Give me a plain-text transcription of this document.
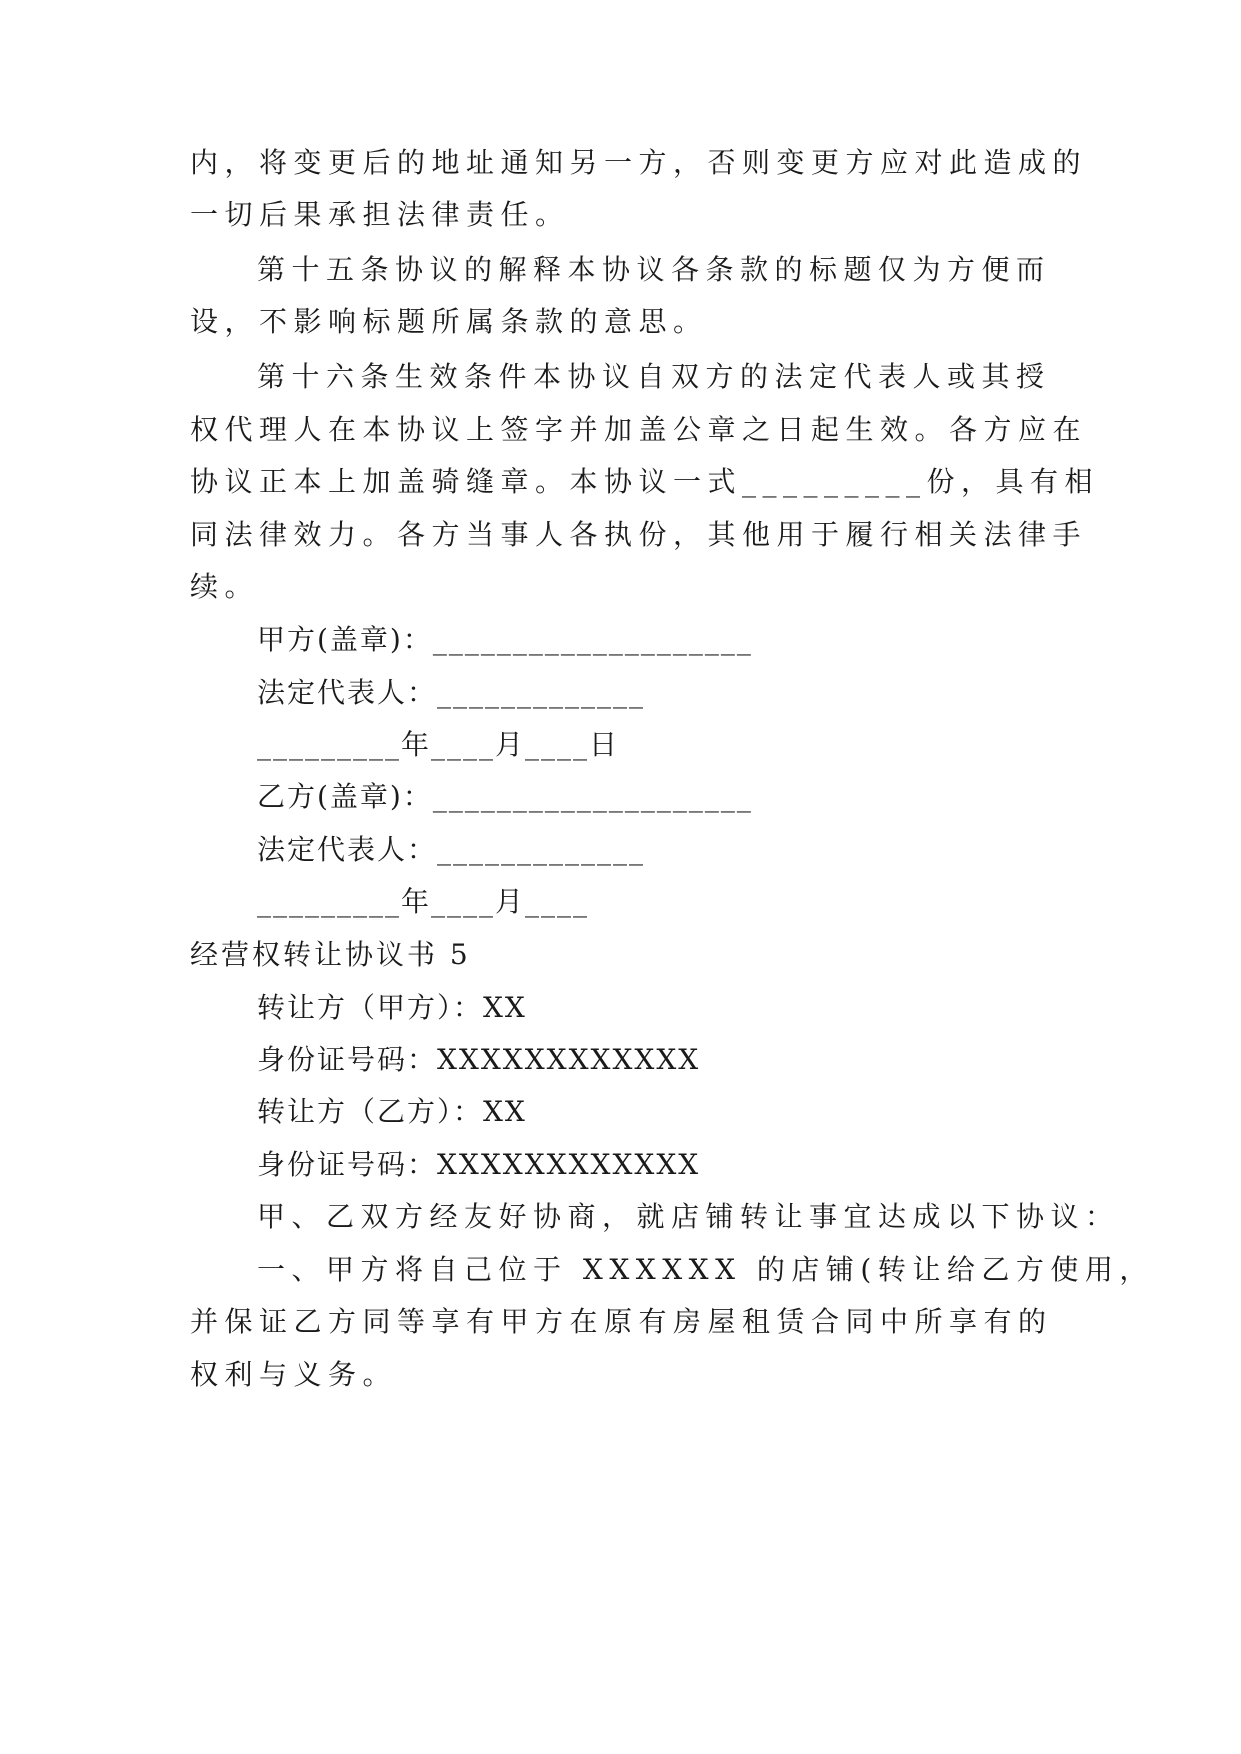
内，将变更后的地址通知另一方，否则变更方应对此造成的

一切后果承担法律责任。

第十五条协议的解释本协议各条款的标题仅为方便而

设，不影响标题所属条款的意思。

第十六条生效条件本协议自双方的法定代表人或其授

权代理人在本协议上签字并加盖公章之日起生效。各方应在

协议正本上加盖骑缝章。本协议一式_________份，具有相

同法律效力。各方当事人各执份，其他用于履行相关法律手

续。

甲方(盖章)：____________________

法定代表人：_____________

_________年____月____日

乙方(盖章)：____________________

法定代表人：_____________

_________年____月____

经营权转让协议书 5

转让方（甲方）：XX

身份证号码：XXXXXXXXXXXX

转让方（乙方）：XX

身份证号码：XXXXXXXXXXXX

甲、乙双方经友好协商，就店铺转让事宜达成以下协议：

一、甲方将自己位于 XXXXXX 的店铺(转让给乙方使用，

并保证乙方同等享有甲方在原有房屋租赁合同中所享有的

权利与义务。
